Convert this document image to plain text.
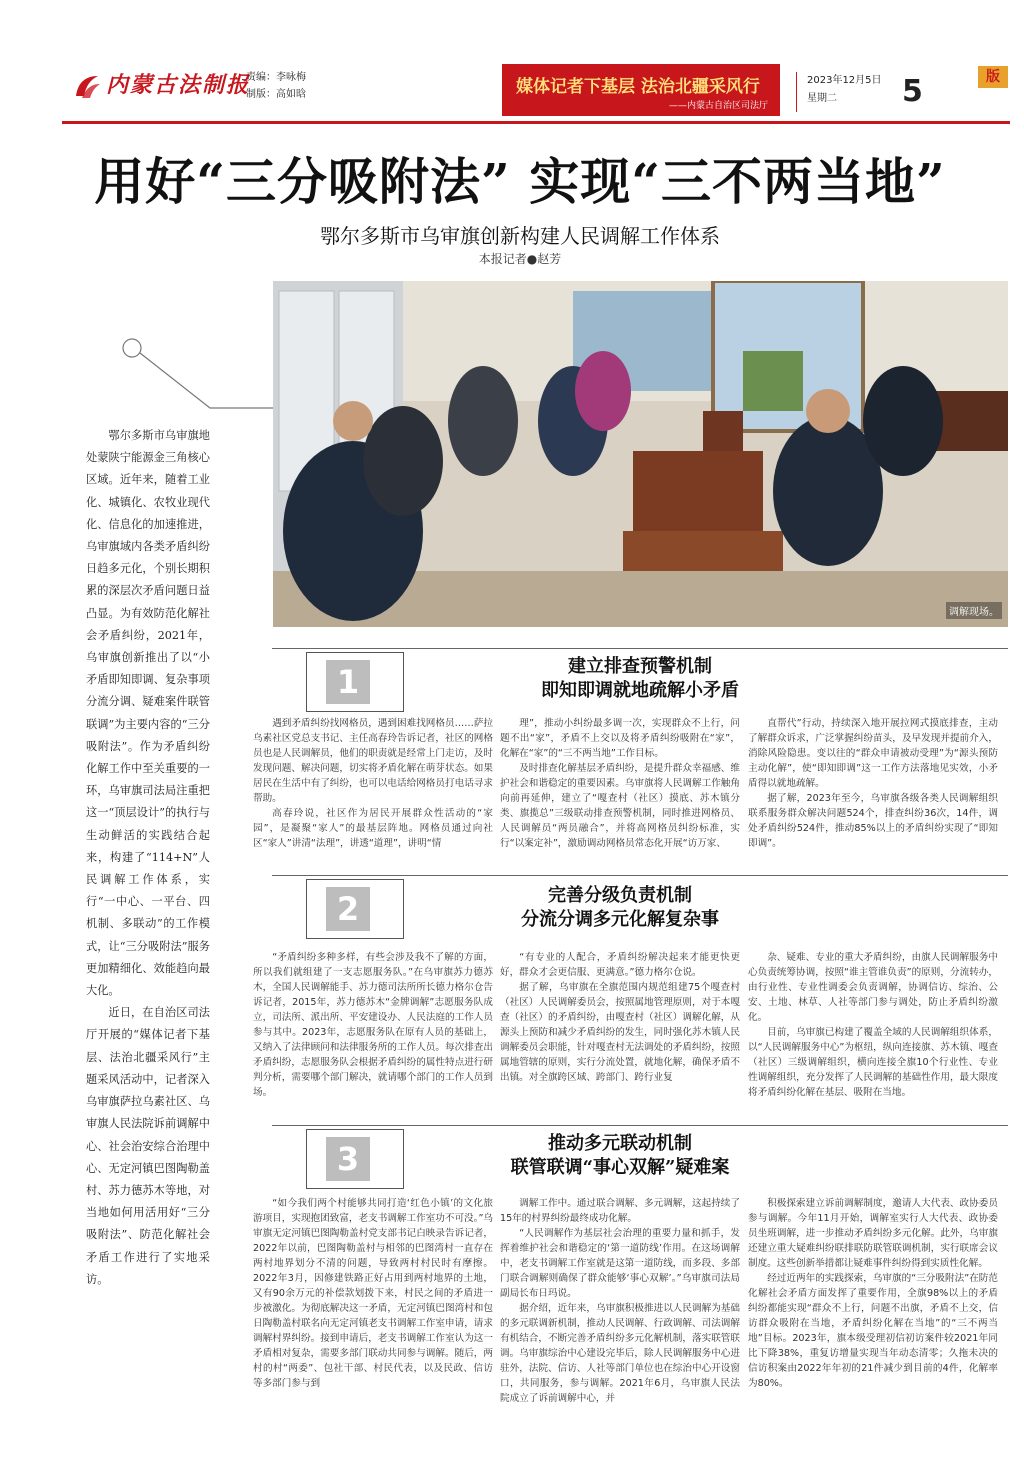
内蒙古法制报
责编：李咏梅
制版：高如晗	媒体记者下基层 法治北疆采风行
——内蒙古自治区司法厅
2023年12月5日
星期二	5	版
用好“三分吸附法” 实现“三不两当地”
鄂尔多斯市乌审旗创新构建人民调解工作体系
本报记者●赵芳

鄂尔多斯市乌审旗地处蒙陕宁能源金三角核心区域。近年来，随着工业化、城镇化、农牧业现代化、信息化的加速推进，乌审旗域内各类矛盾纠纷日趋多元化，个别长期积累的深层次矛盾问题日益凸显。为有效防范化解社会矛盾纠纷，2021年，乌审旗创新推出了以“小矛盾即知即调、复杂事项分流分调、疑难案件联管联调”为主要内容的“三分吸附法”。作为矛盾纠纷化解工作中至关重要的一环，乌审旗司法局注重把这一“顶层设计”的执行与生动鲜活的实践结合起来，构建了“114+N”人民调解工作体系，实行“一中心、一平台、四机制、多联动”的工作模式，让“三分吸附法”服务更加精细化、效能趋向最大化。

近日，在自治区司法厅开展的“媒体记者下基层、法治北疆采风行”主题采风活动中，记者深入乌审旗萨拉乌素社区、乌审旗人民法院诉前调解中心、社会治安综合治理中心、无定河镇巴图陶勒盖村、苏力德苏木等地，对当地如何用活用好“三分吸附法”、防范化解社会矛盾工作进行了实地采访。

调解现场。
1	建立排查预警机制
即知即调就地疏解小矛盾

遇到矛盾纠纷找网格员，遇到困难找网格员……萨拉乌素社区党总支书记、主任高春玲告诉记者，社区的网格员也是人民调解员，他们的职责就是经常上门走访，及时发现问题、解决问题，切实将矛盾化解在萌芽状态。如果居民在生活中有了纠纷，也可以电话给网格员打电话寻求帮助。

高春玲说，社区作为居民开展群众性活动的“家园”，是凝聚“家人”的最基层阵地。网格员通过向社区“家人”讲清“法理”，讲透“道理”，讲明“情

理”，推动小纠纷最多调一次，实现群众不上行，问题不出“家”，矛盾不上交以及将矛盾纠纷吸附在“家”，化解在“家”的“三不两当地”工作目标。

及时排查化解基层矛盾纠纷，是提升群众幸福感、维护社会和谐稳定的重要因素。乌审旗将人民调解工作触角向前再延伸，建立了“嘎查村（社区）摸底、苏木镇分类、旗揽总”三级联动排查预警机制，同时推进网格员、人民调解员“两员融合”，并将高网格员纠纷标准，实行“以案定补”，激励调动网格员常态化开展“访万家、

直帮代”行动，持续深入地开展拉网式摸底排查，主动了解群众诉求，广泛掌握纠纷苗头，及早发现并提前介入，消除风险隐患。变以往的“群众申请被动受理”为“源头预防主动化解”，使“即知即调”这一工作方法落地见实效，小矛盾得以就地疏解。

据了解，2023年至今，乌审旗各级各类人民调解组织联系服务群众解决问题524个，排查纠纷36次，14件，调处矛盾纠纷524件，推动85%以上的矛盾纠纷实现了“即知即调”。

2	完善分级负责机制
分流分调多元化解复杂事

“矛盾纠纷多种多样，有些会涉及我不了解的方面，所以我们就组建了一支志愿服务队。”在乌审旗苏力德苏木，全国人民调解能手、苏力德司法所所长德力格尔仓告诉记者，2015年，苏力德苏木“金牌调解”志愿服务队成立，司法所、派出所、平安建设办、人民法庭的工作人员参与其中。2023年，志愿服务队在原有人员的基础上，又纳入了法律顾问和法律服务所的工作人员。每次排查出矛盾纠纷，志愿服务队会根据矛盾纠纷的属性特点进行研判分析，需要哪个部门解决，就请哪个部门的工作人员到场。

“有专业的人配合，矛盾纠纷解决起来才能更快更好，群众才会更信服、更满意。”德力格尔仓说。

据了解，乌审旗在全旗范围内规范组建75个嘎查村（社区）人民调解委员会，按照属地管理原则，对于本嘎查（社区）的矛盾纠纷，由嘎查村（社区）调解化解，从源头上预防和减少矛盾纠纷的发生，同时强化苏木镇人民调解委员会职能，针对嘎查村无法调处的矛盾纠纷，按照属地管辖的原则，实行分流处置，就地化解，确保矛盾不出镇。对全旗跨区域、跨部门、跨行业复

杂、疑难、专业的重大矛盾纠纷，由旗人民调解服务中心负责统筹协调，按照“谁主管谁负责”的原则，分流转办，由行业性、专业性调委会负责调解，协调信访、综治、公安、土地、林草、人社等部门参与调处，防止矛盾纠纷激化。

目前，乌审旗已构建了覆盖全域的人民调解组织体系，以“人民调解服务中心”为枢纽，纵向连接旗、苏木镇、嘎查（社区）三级调解组织，横向连接全旗10个行业性、专业性调解组织，充分发挥了人民调解的基础性作用，最大限度将矛盾纠纷化解在基层、吸附在当地。

3	推动多元联动机制
联管联调“事心双解”疑难案

“如今我们两个村能够共同打造‘红色小镇’的文化旅游项目，实现抱团致富，老支书调解工作室功不可没。”乌审旗无定河镇巴图陶勒盖村党支部书记白映录告诉记者，2022年以前，巴图陶勒盖村与相邻的巴图湾村一直存在两村地界划分不清的问题，导致两村村民时有摩擦。2022年3月，因修建铁路正好占用到两村地界的土地，又有90余万元的补偿款划拨下来，村民之间的矛盾进一步被激化。为彻底解决这一矛盾，无定河镇巴图湾村和包日陶勒盖村联名向无定河镇老支书调解工作室申请，请求调解村界纠纷。接到申请后，老支书调解工作室认为这一矛盾相对复杂，需要多部门联动共同参与调解。随后，两村的村“两委”、包社干部、村民代表，以及民政、信访等多部门参与到

调解工作中。通过联合调解、多元调解，这起持续了15年的村界纠纷最终成功化解。

“人民调解作为基层社会治理的重要力量和抓手，发挥着维护社会和谐稳定的‘第一道防线’作用。在这场调解中，老支书调解工作室就是这第一道防线，而多段、多部门联合调解则确保了群众能够‘事心双解’。”乌审旗司法局副局长布日玛说。

据介绍，近年来，乌审旗积极推进以人民调解为基础的多元联调新机制，推动人民调解、行政调解、司法调解有机结合，不断完善矛盾纠纷多元化解机制，落实联管联调。乌审旗综治中心建设完毕后，除人民调解服务中心进驻外，法院、信访、人社等部门单位也在综治中心开设窗口，共同服务，参与调解。2021年6月，乌审旗人民法院成立了诉前调解中心，并

积极探索建立诉前调解制度，邀请人大代表、政协委员参与调解。今年11月开始，调解室实行人大代表、政协委员坐班调解，进一步推动矛盾纠纷多元化解。此外，乌审旗还建立重大疑难纠纷联排联防联管联调机制，实行联席会议制度。这些创新举措都让疑难事件纠纷得到实质性化解。

经过近两年的实践探索，乌审旗的“三分吸附法”在防范化解社会矛盾方面发挥了重要作用，全旗98%以上的矛盾纠纷都能实现“群众不上行，问题不出旗，矛盾不上交，信访群众吸附在当地，矛盾纠纷化解在当地”的“三不两当地”目标。2023年，旗本级受理初信初访案件较2021年同比下降38%，重复访增量实现当年动态清零；久拖未决的信访积案由2022年年初的21件减少到目前的4件，化解率为80%。
